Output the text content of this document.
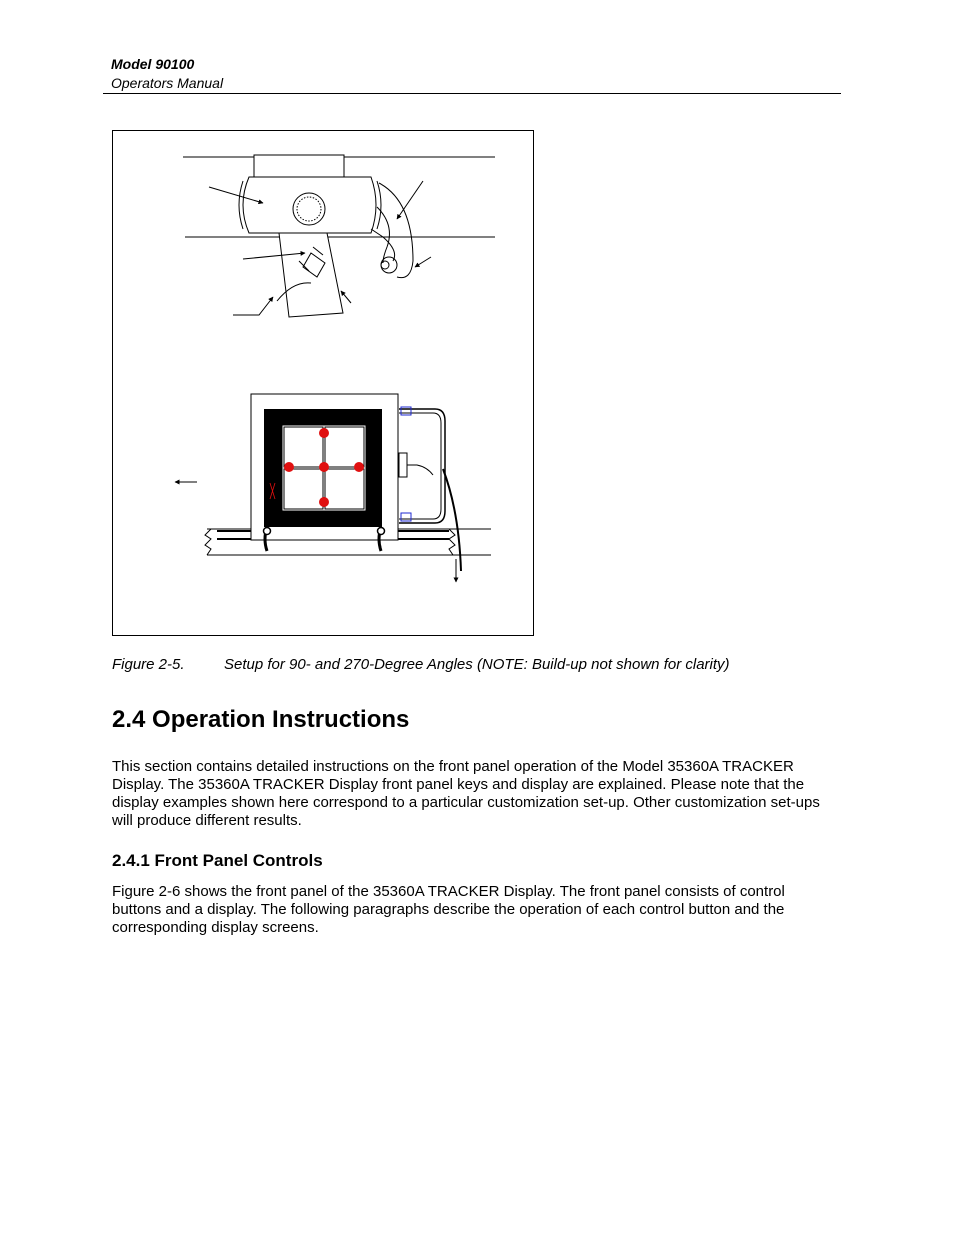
Model 90100
Operators Manual
Figure 2-5.	Setup for 90- and 270-Degree Angles (NOTE: Build-up not shown for clarity)
2.4 Operation Instructions

This section contains detailed instructions on the front panel operation of the Model 35360A TRACKER Display. The 35360A TRACKER Display front panel keys and display are explained. Please note that the display examples shown here correspond to a particular customization set-up. Other customization set-ups will produce different results.

2.4.1 Front Panel Controls

Figure 2-6 shows the front panel of the 35360A TRACKER Display. The front panel consists of control buttons and a display. The following paragraphs describe the operation of each control button and the corresponding display screens.
